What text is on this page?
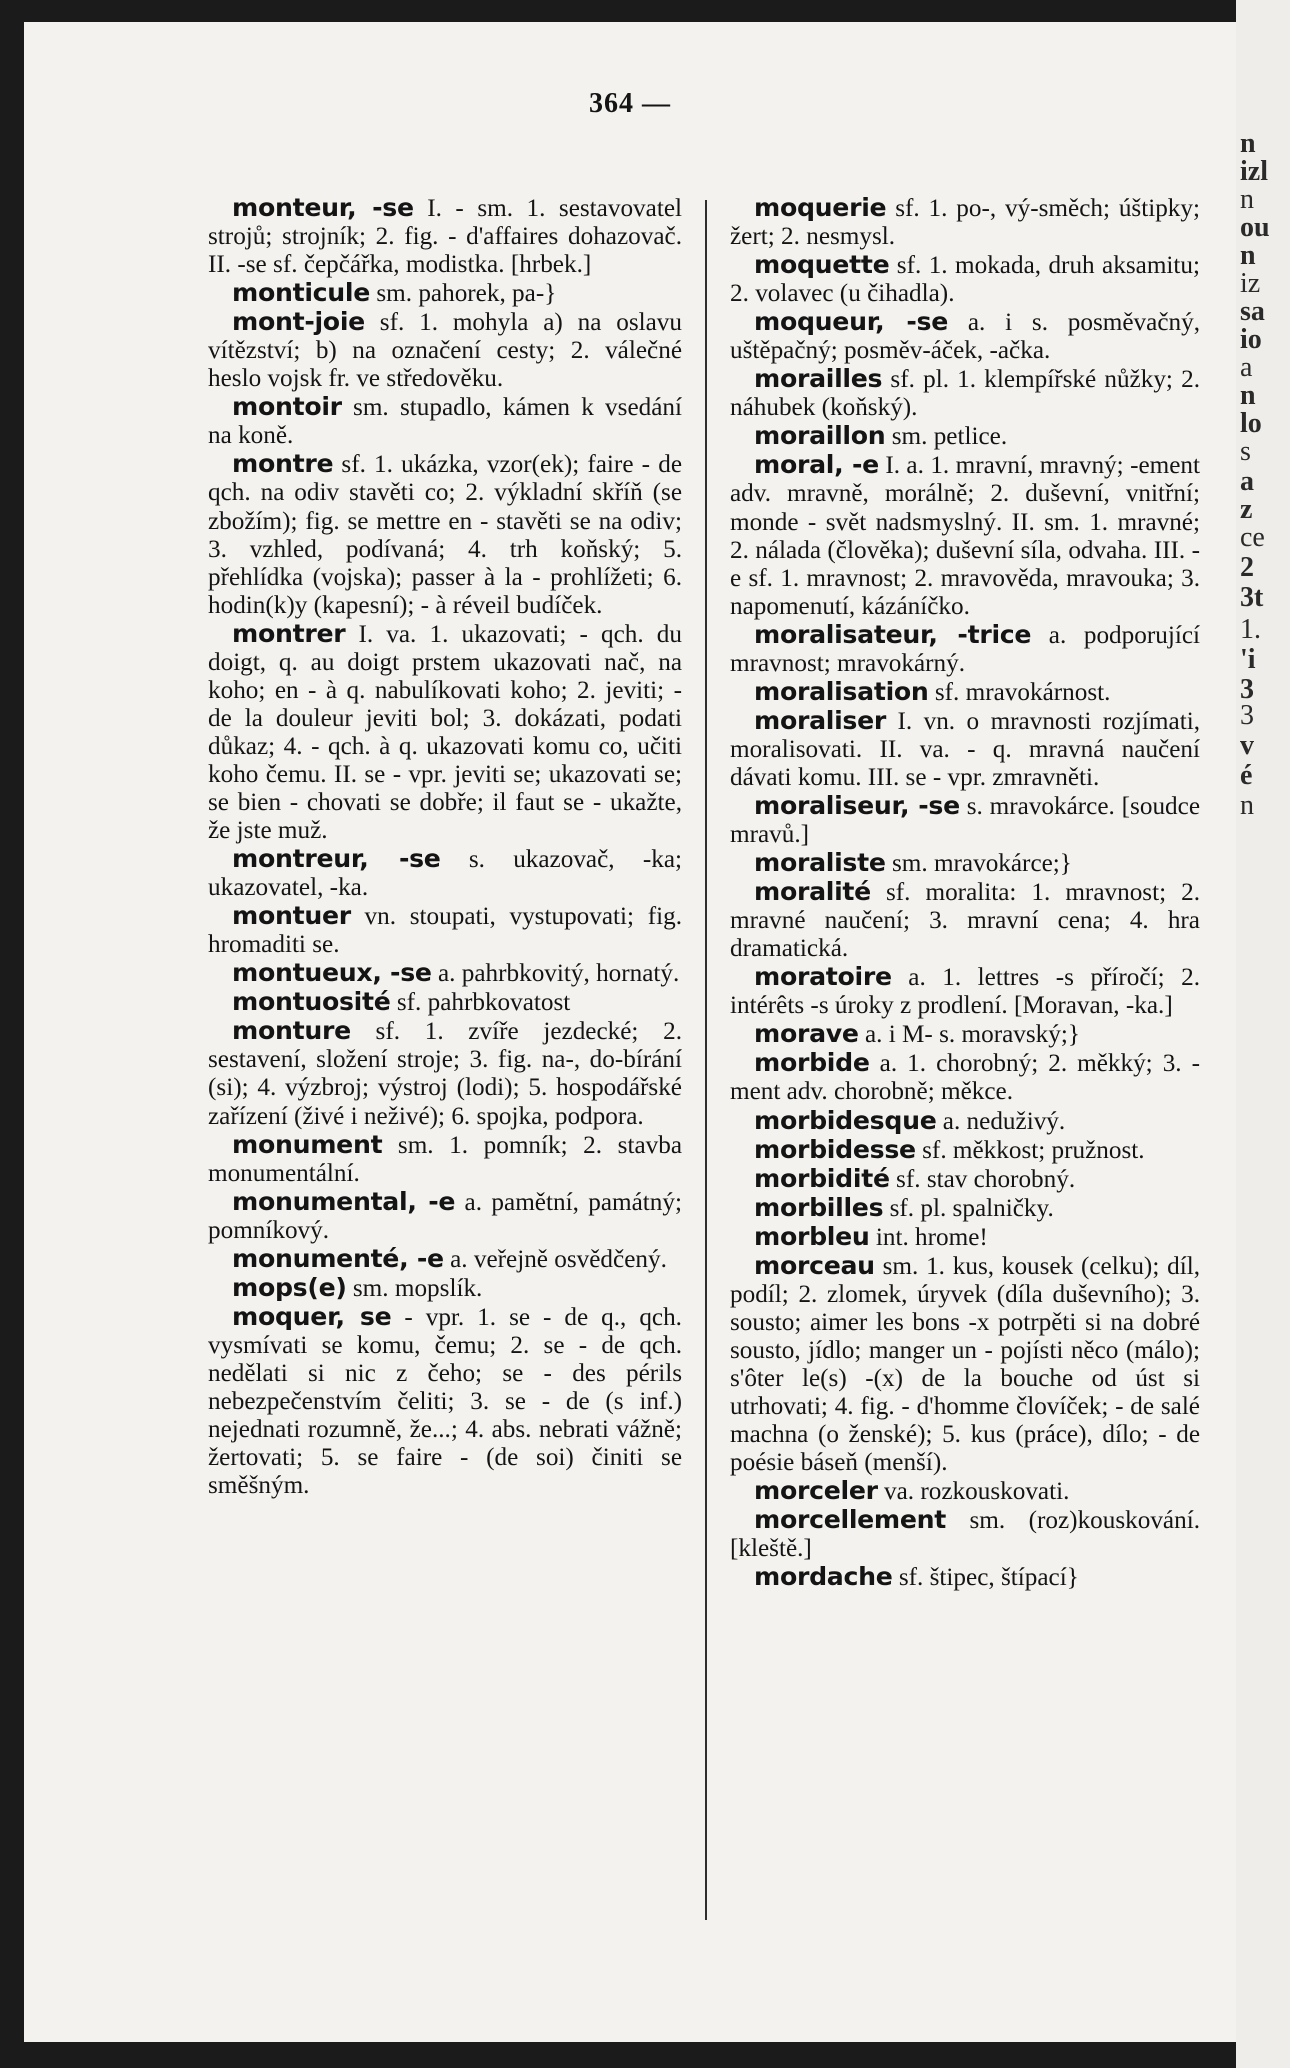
n
izl
n
ou
n
iz
sa
io
a
n
lo
s
a
z
ce
2
3t
1.
'i
3
3
v
é
n
364 —

monteur, -se I. - sm. 1. sestavovatel strojů; strojník; 2. fig. - d'affaires dohazovač. II. -se sf. čepčářka, modistka. [hrbek.]

monticule sm. pahorek, pa-}

mont-joie sf. 1. mohyla a) na oslavu vítězství; b) na označení cesty; 2. válečné heslo vojsk fr. ve středověku.

montoir sm. stupadlo, kámen k vsedání na koně.

montre sf. 1. ukázka, vzor(ek); faire - de qch. na odiv stavěti co; 2. výkladní skříň (se zbožím); fig. se mettre en - stavěti se na odiv; 3. vzhled, podívaná; 4. trh koňský; 5. přehlídka (vojska); passer à la - prohlížeti; 6. hodin(k)y (kapesní); - à réveil budíček.

montrer I. va. 1. ukazovati; - qch. du doigt, q. au doigt prstem ukazovati nač, na koho; en - à q. nabulíkovati koho; 2. jeviti; - de la douleur jeviti bol; 3. dokázati, podati důkaz; 4. - qch. à q. ukazovati komu co, učiti koho čemu. II. se - vpr. jeviti se; ukazovati se; se bien - chovati se dobře; il faut se - ukažte, že jste muž.

montreur, -se s. ukazovač, -ka; ukazovatel, -ka.

montuer vn. stoupati, vystupovati; fig. hromaditi se.

montueux, -se a. pahrbkovitý, hornatý.

montuosité sf. pahrbkovatost

monture sf. 1. zvíře jezdecké; 2. sestavení, složení stroje; 3. fig. na-, do-bírání (si); 4. výzbroj; výstroj (lodi); 5. hospodářské zařízení (živé i neživé); 6. spojka, podpora.

monument sm. 1. pomník; 2. stavba monumentální.

monumental, -e a. pamětní, památný; pomníkový.

monumenté, -e a. veřejně osvědčený.

mops(e) sm. mopslík.

moquer, se - vpr. 1. se - de q., qch. vysmívati se komu, čemu; 2. se - de qch. nedělati si nic z čeho; se - des périls nebezpečenstvím čeliti; 3. se - de (s inf.) nejednati rozumně, že...; 4. abs. nebrati vážně; žertovati; 5. se faire - (de soi) činiti se směšným.

moquerie sf. 1. po-, vý-směch; úštipky; žert; 2. nesmysl.

moquette sf. 1. mokada, druh aksamitu; 2. volavec (u čihadla).

moqueur, -se a. i s. posměvačný, uštěpačný; posměv-áček, -ačka.

morailles sf. pl. 1. klempířské nůžky; 2. náhubek (koňský).

moraillon sm. petlice.

moral, -e I. a. 1. mravní, mravný; -ement adv. mravně, morálně; 2. duševní, vnitřní; monde - svět nadsmyslný. II. sm. 1. mravné; 2. nálada (člověka); duševní síla, odvaha. III. -e sf. 1. mravnost; 2. mravověda, mravouka; 3. napomenutí, kázáníčko.

moralisateur, -trice a. podporující mravnost; mravokárný.

moralisation sf. mravokárnost.

moraliser I. vn. o mravnosti rozjímati, moralisovati. II. va. - q. mravná naučení dávati komu. III. se - vpr. zmravněti.

moraliseur, -se s. mravokárce. [soudce mravů.]

moraliste sm. mravokárce;}

moralité sf. moralita: 1. mravnost; 2. mravné naučení; 3. mravní cena; 4. hra dramatická.

moratoire a. 1. lettres -s příročí; 2. intérêts -s úroky z prodlení. [Moravan, -ka.]

morave a. i M- s. moravský;}

morbide a. 1. chorobný; 2. měkký; 3. -ment adv. chorobně; měkce.

morbidesque a. neduživý.

morbidesse sf. měkkost; pružnost.

morbidité sf. stav chorobný.

morbilles sf. pl. spalničky.

morbleu int. hrome!

morceau sm. 1. kus, kousek (celku); díl, podíl; 2. zlomek, úryvek (díla duševního); 3. sousto; aimer les bons -x potrpěti si na dobré sousto, jídlo; manger un - pojísti něco (málo); s'ôter le(s) -(x) de la bouche od úst si utrhovati; 4. fig. - d'homme človíček; - de salé machna (o ženské); 5. kus (práce), dílo; - de poésie báseň (menší).

morceler va. rozkouskovati.

morcellement sm. (roz)kouskování. [kleště.]

mordache sf. štipec, štípací}
